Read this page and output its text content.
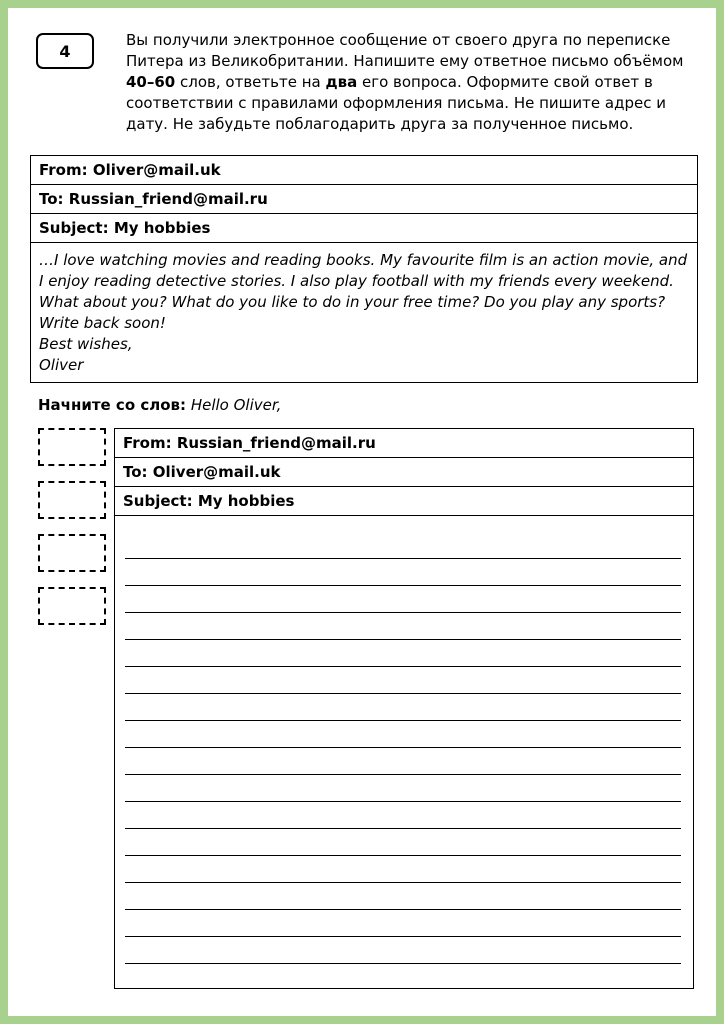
4
Вы получили электронное сообщение от своего друга по переписке Питера из Великобритании. Напишите ему ответное письмо объёмом 40–60 слов, ответьте на два его вопроса. Оформите свой ответ в соответствии с правилами оформления письма. Не пишите адрес и дату. Не забудьте поблагодарить друга за полученное письмо.
From: Oliver@mail.uk
To: Russian_friend@mail.ru
Subject: My hobbies
…I love watching movies and reading books. My favourite film is an action movie, and I enjoy reading detective stories. I also play football with my friends every weekend. What about you? What do you like to do in your free time? Do you play any sports?
Write back soon!
Best wishes,
Oliver
Начните со слов: Hello Oliver,
From: Russian_friend@mail.ru
To: Oliver@mail.uk
Subject: My hobbies
